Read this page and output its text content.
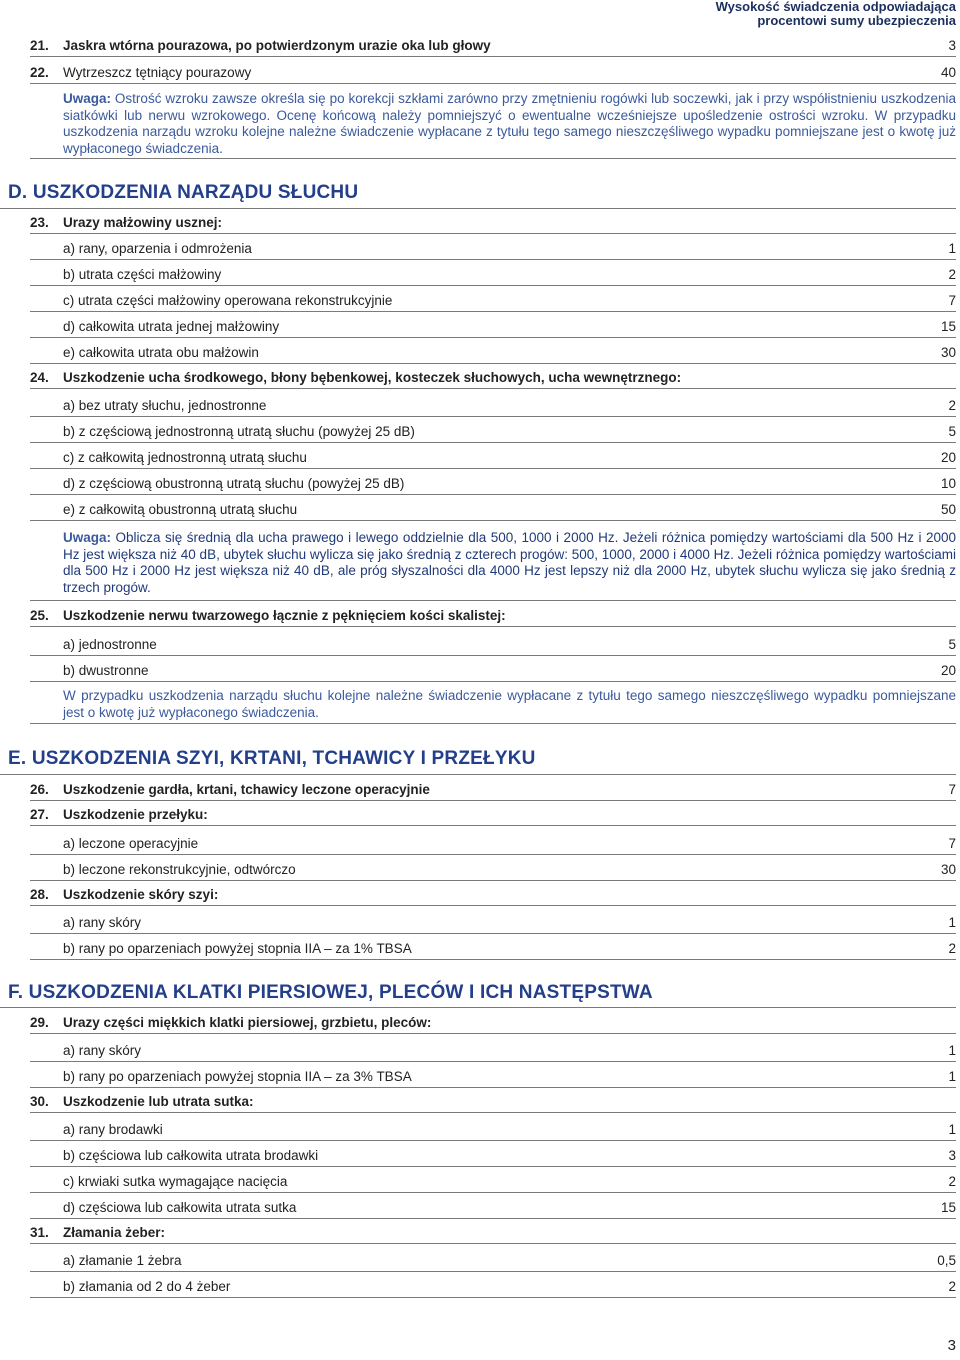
Wysokość świadczenia odpowiadająca
procentowi sumy ubezpieczenia
21.	Jaskra wtórna pourazowa, po potwierdzonym urazie oka lub głowy	3
22.	Wytrzeszcz tętniący pourazowy	40
Uwaga: Ostrość wzroku zawsze określa się po korekcji szkłami zarówno przy zmętnieniu rogówki lub soczewki, jak i przy współistnieniu uszkodzenia siatkówki lub nerwu wzrokowego. Ocenę końcową należy pomniejszyć o ewentualne wcześniejsze upośledzenie ostrości wzroku. W przypadku uszkodzenia narządu wzroku kolejne należne świadczenie wypłacane z tytułu tego samego nieszczęśliwego wypadku pomniejszane jest o kwotę już wypłaconego świadczenia.
D. USZKODZENIA NARZĄDU SŁUCHU
23.	Urazy małżowiny usznej:
a) rany, oparzenia i odmrożenia	1
b) utrata części małżowiny	2
c) utrata części małżowiny operowana rekonstrukcyjnie	7
d) całkowita utrata jednej małżowiny	15
e) całkowita utrata obu małżowin	30
24.	Uszkodzenie ucha środkowego, błony bębenkowej, kosteczek słuchowych, ucha wewnętrznego:
a) bez utraty słuchu, jednostronne	2
b) z częściową jednostronną utratą słuchu (powyżej 25 dB)	5
c) z całkowitą jednostronną utratą słuchu	20
d) z częściową obustronną utratą słuchu (powyżej 25 dB)	10
e) z całkowitą obustronną utratą słuchu	50
Uwaga: Oblicza się średnią dla ucha prawego i lewego oddzielnie dla 500, 1000 i 2000 Hz. Jeżeli różnica pomiędzy wartościami dla 500 Hz i 2000 Hz jest większa niż 40 dB, ubytek słuchu wylicza się jako średnią z czterech progów: 500, 1000, 2000 i 4000 Hz. Jeżeli różnica pomiędzy wartościami dla 500 Hz i 2000 Hz jest większa niż 40 dB, ale próg słyszalności dla 4000 Hz jest lepszy niż dla 2000 Hz, ubytek słuchu wylicza się jako średnią z trzech progów.
25.	Uszkodzenie nerwu twarzowego łącznie z pęknięciem kości skalistej:
a) jednostronne	5
b) dwustronne	20
W przypadku uszkodzenia narządu słuchu kolejne należne świadczenie wypłacane z tytułu tego samego nieszczęśliwego wypadku pomniejszane jest o kwotę już wypłaconego świadczenia.
E. USZKODZENIA SZYI, KRTANI, TCHAWICY I PRZEŁYKU
26.	Uszkodzenie gardła, krtani, tchawicy leczone operacyjnie	7
27.	Uszkodzenie przełyku:
a) leczone operacyjnie	7
b) leczone rekonstrukcyjnie, odtwórczo	30
28.	Uszkodzenie skóry szyi:
a) rany skóry	1
b) rany po oparzeniach powyżej stopnia IIA – za 1% TBSA	2
F. USZKODZENIA KLATKI PIERSIOWEJ, PLECÓW I ICH NASTĘPSTWA
29.	Urazy części miękkich klatki piersiowej, grzbietu, pleców:
a) rany skóry	1
b) rany po oparzeniach powyżej stopnia IIA – za 3% TBSA	1
30.	Uszkodzenie lub utrata sutka:
a) rany brodawki	1
b) częściowa lub całkowita utrata brodawki	3
c) krwiaki sutka wymagające nacięcia	2
d) częściowa lub całkowita utrata sutka	15
31.	Złamania żeber:
a) złamanie 1 żebra	0,5
b) złamania od 2 do 4 żeber	2
3
